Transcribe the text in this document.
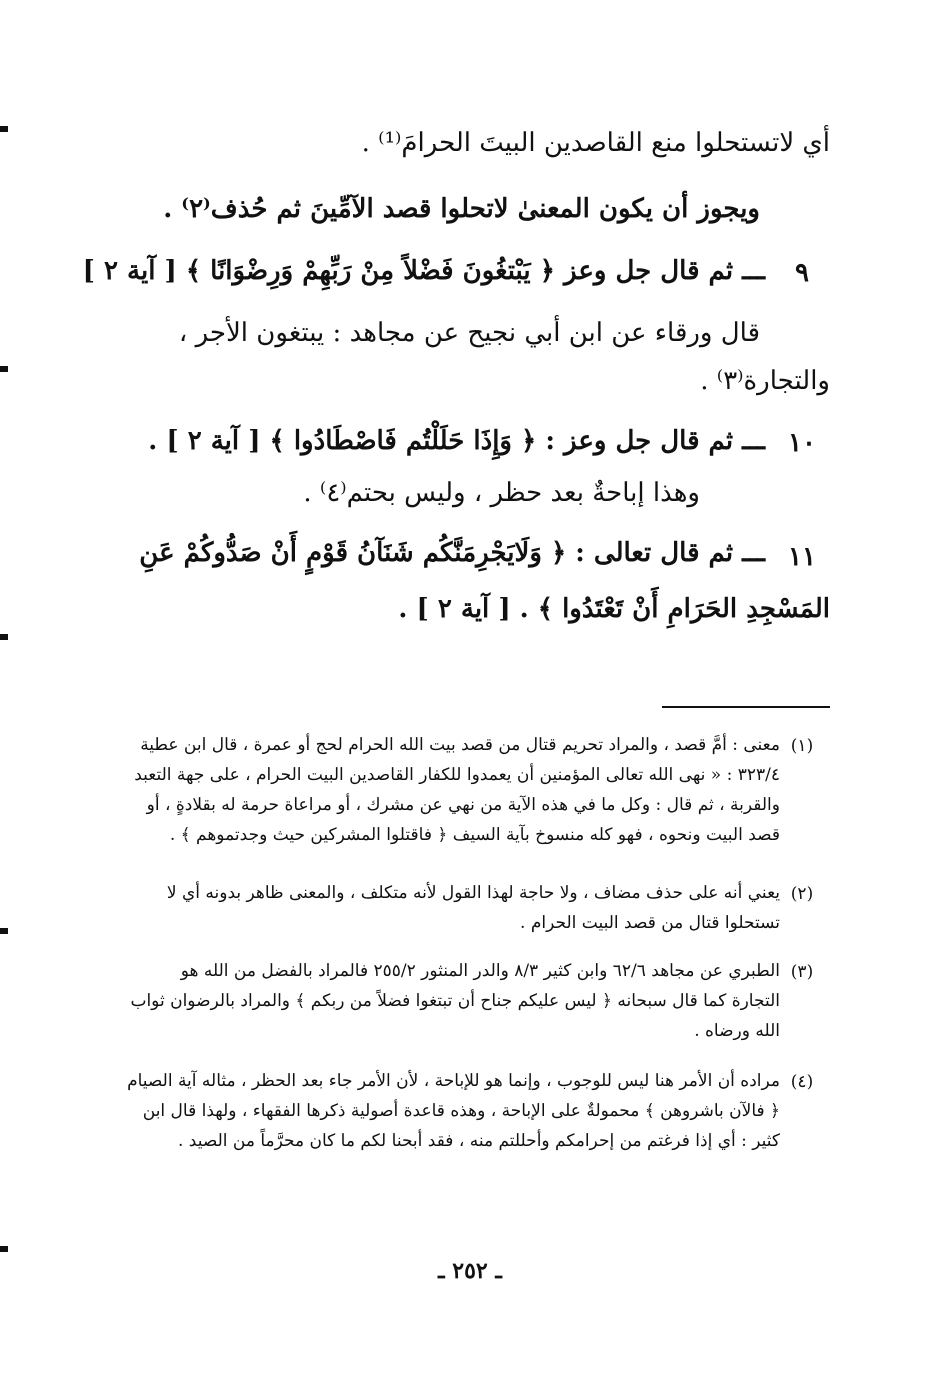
أي لاتستحلوا منع القاصدين البيتَ الحرامَ⁽¹⁾ .
ويجوز أن يكون المعنىٰ لاتحلوا قصد الآمِّينَ ثم حُذف⁽٢⁾ .
٩
ـــ ثم قال جل وعز ﴿ يَبْتغُونَ فَضْلاً مِنْ رَبِّهِمْ وَرِضْوَانًا ﴾ [ آية ٢ ]
قال ورقاء عن ابن أبي نجيح عن مجاهد : يبتغون الأجر ،
والتجارة⁽٣⁾ .
١٠
ـــ ثم قال جل وعز : ﴿ وَإِذَا حَلَلْتُم فَاصْطَادُوا ﴾ [ آية ٢ ] .
وهذا إباحةٌ بعد حظر ، وليس بحتم⁽٤⁾ .
١١
ـــ ثم قال تعالى : ﴿ وَلَايَجْرِمَنَّكُم شَنَآنُ قَوْمٍ أَنْ صَدُّوكُمْ عَنِ
المَسْجِدِ الحَرَامِ أَنْ تَعْتَدُوا ﴾ . [ آية ٢ ] .
(١)
معنى : أمَّ قصد ، والمراد تحريم قتال من قصد بيت الله الحرام لحج أو عمرة ، قال ابن عطية
٣٢٣/٤ : « نهى الله تعالى المؤمنين أن يعمدوا للكفار القاصدين البيت الحرام ، على جهة التعبد
والقربة ، ثم قال : وكل ما في هذه الآية من نهي عن مشرك ، أو مراعاة حرمة له بقلادةٍ ، أو
قصد البيت ونحوه ، فهو كله منسوخ بآية السيف ﴿ فاقتلوا المشركين حيث وجدتموهم ﴾ .
(٢)
يعني أنه على حذف مضاف ، ولا حاجة لهذا القول لأنه متكلف ، والمعنى ظاهر بدونه أي لا
تستحلوا قتال من قصد البيت الحرام .
(٣)
الطبري عن مجاهد ٦٢/٦ وابن كثير ٨/٣ والدر المنثور ٢٥٥/٢ فالمراد بالفضل من الله هو
التجارة كما قال سبحانه ﴿ ليس عليكم جناح أن تبتغوا فضلاً من ربكم ﴾ والمراد بالرضوان ثواب
الله ورضاه .
(٤)
مراده أن الأمر هنا ليس للوجوب ، وإنما هو للإباحة ، لأن الأمر جاء بعد الحظر ، مثاله آية الصيام
﴿ فالآن باشروهن ﴾ محمولةٌ على الإباحة ، وهذه قاعدة أصولية ذكرها الفقهاء ، ولهذا قال ابن
كثير : أي إذا فرغتم من إحرامكم وأحللتم منه ، فقد أبحنا لكم ما كان محرَّماً من الصيد .
ـ ٢٥٢ ـ
